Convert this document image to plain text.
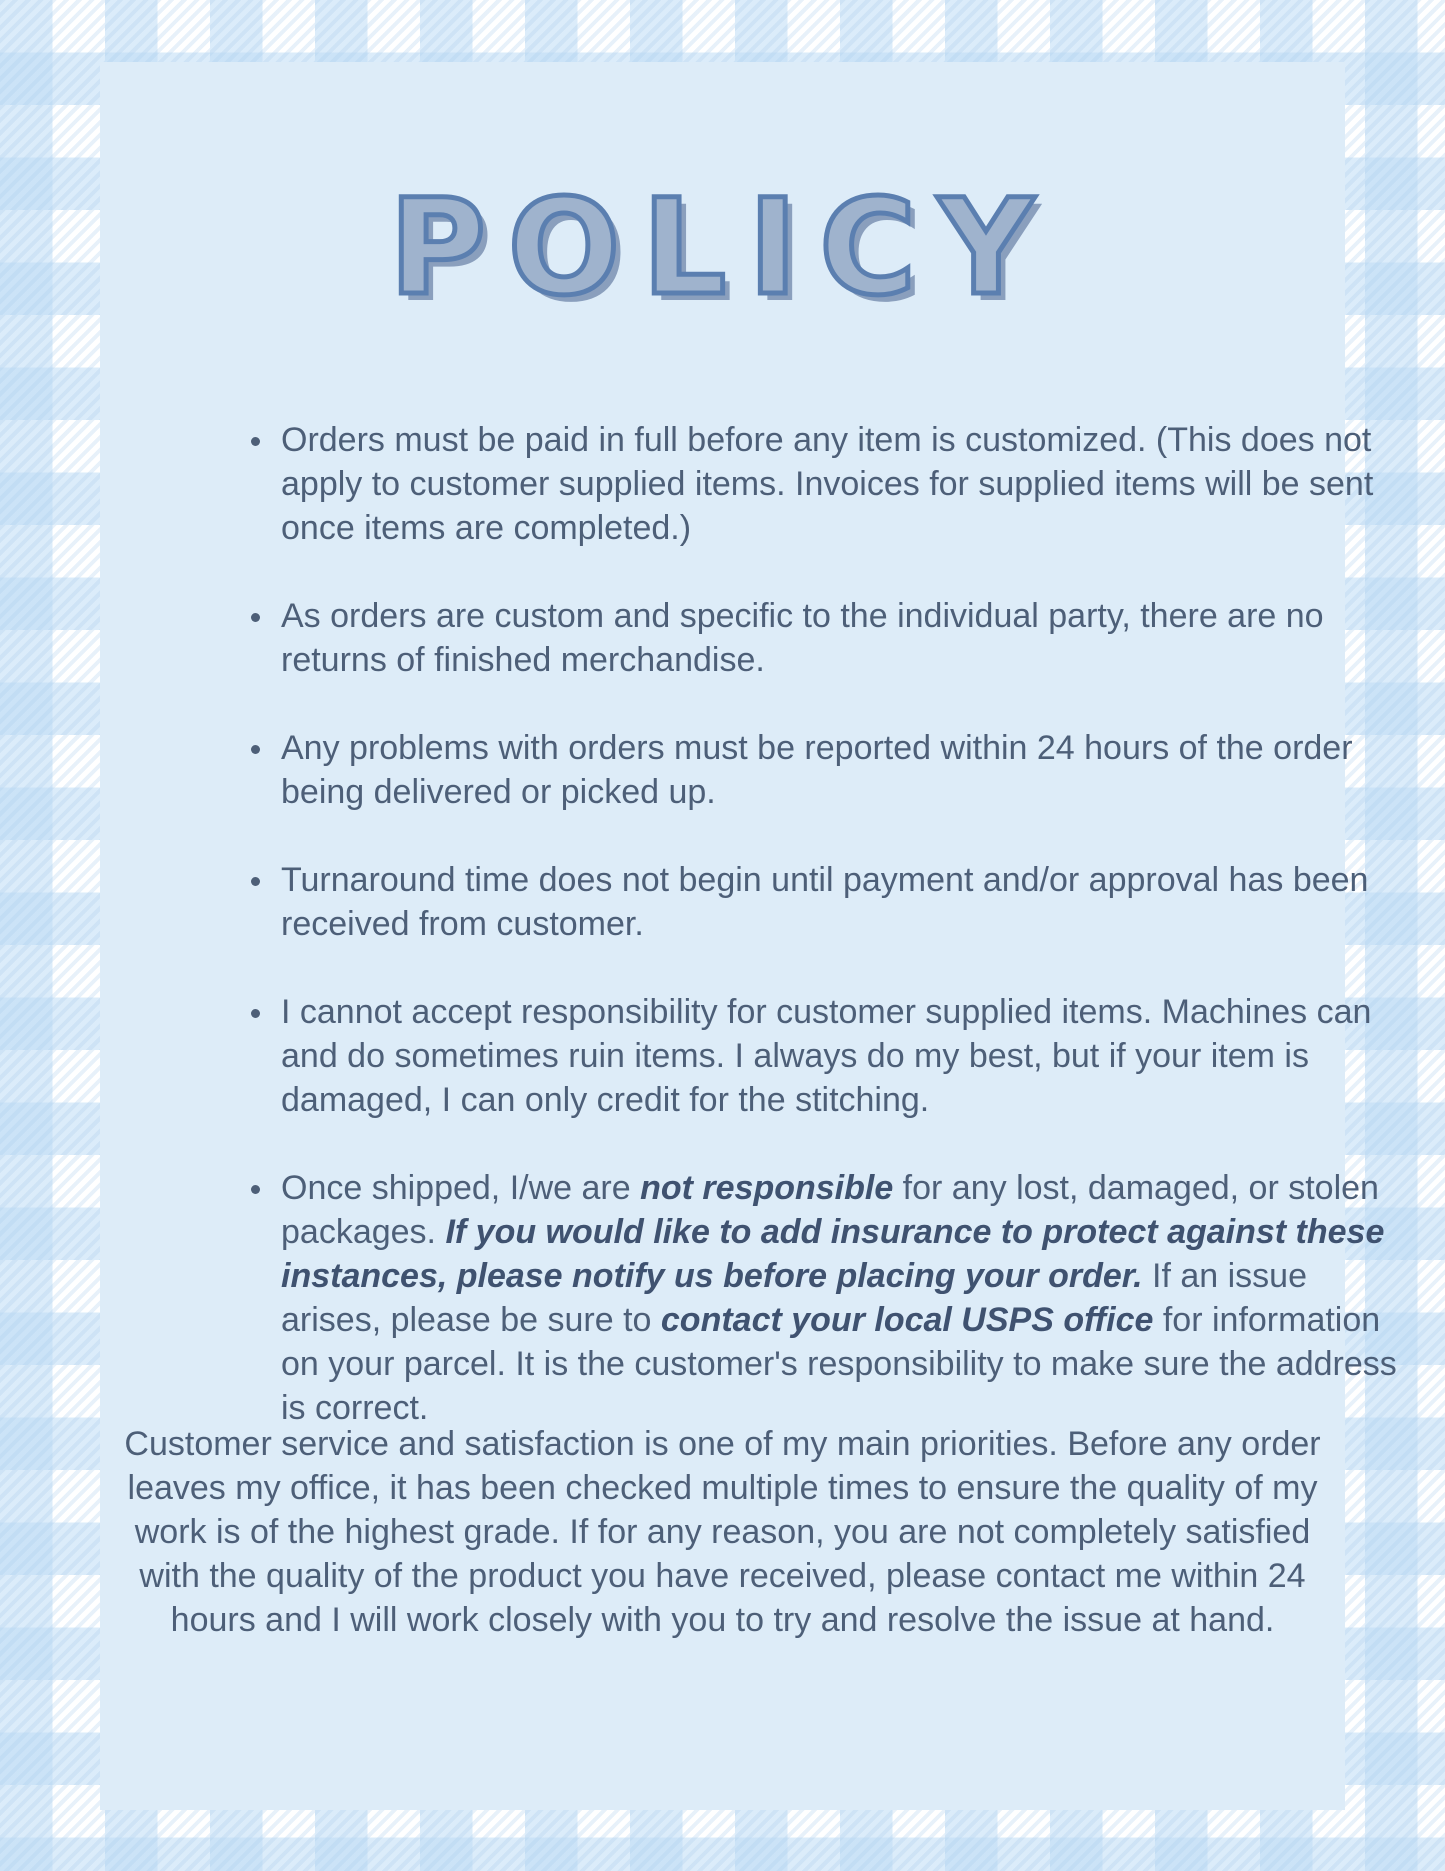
POLICY
Orders must be paid in full before any item is customized. (This does not apply to customer supplied items. Invoices for supplied items will be sent once items are completed.)
As orders are custom and specific to the individual party, there are no returns of finished merchandise.
Any problems with orders must be reported within 24 hours of the order being delivered or picked up.
Turnaround time does not begin until payment and/or approval has been received from customer.
I cannot accept responsibility for customer supplied items. Machines can and do sometimes ruin items. I always do my best, but if your item is damaged, I can only credit for the stitching.
Once shipped, I/we are not responsible for any lost, damaged, or stolen packages. If you would like to add insurance to protect against these instances, please notify us before placing your order. If an issue arises, please be sure to contact your local USPS office for information on your parcel. It is the customer's responsibility to make sure the address is correct.

Customer service and satisfaction is one of my main priorities. Before any order leaves my office, it has been checked multiple times to ensure the quality of my work is of the highest grade. If for any reason, you are not completely satisfied with the quality of the product you have received, please contact me within 24 hours and I will work closely with you to try and resolve the issue at hand.
